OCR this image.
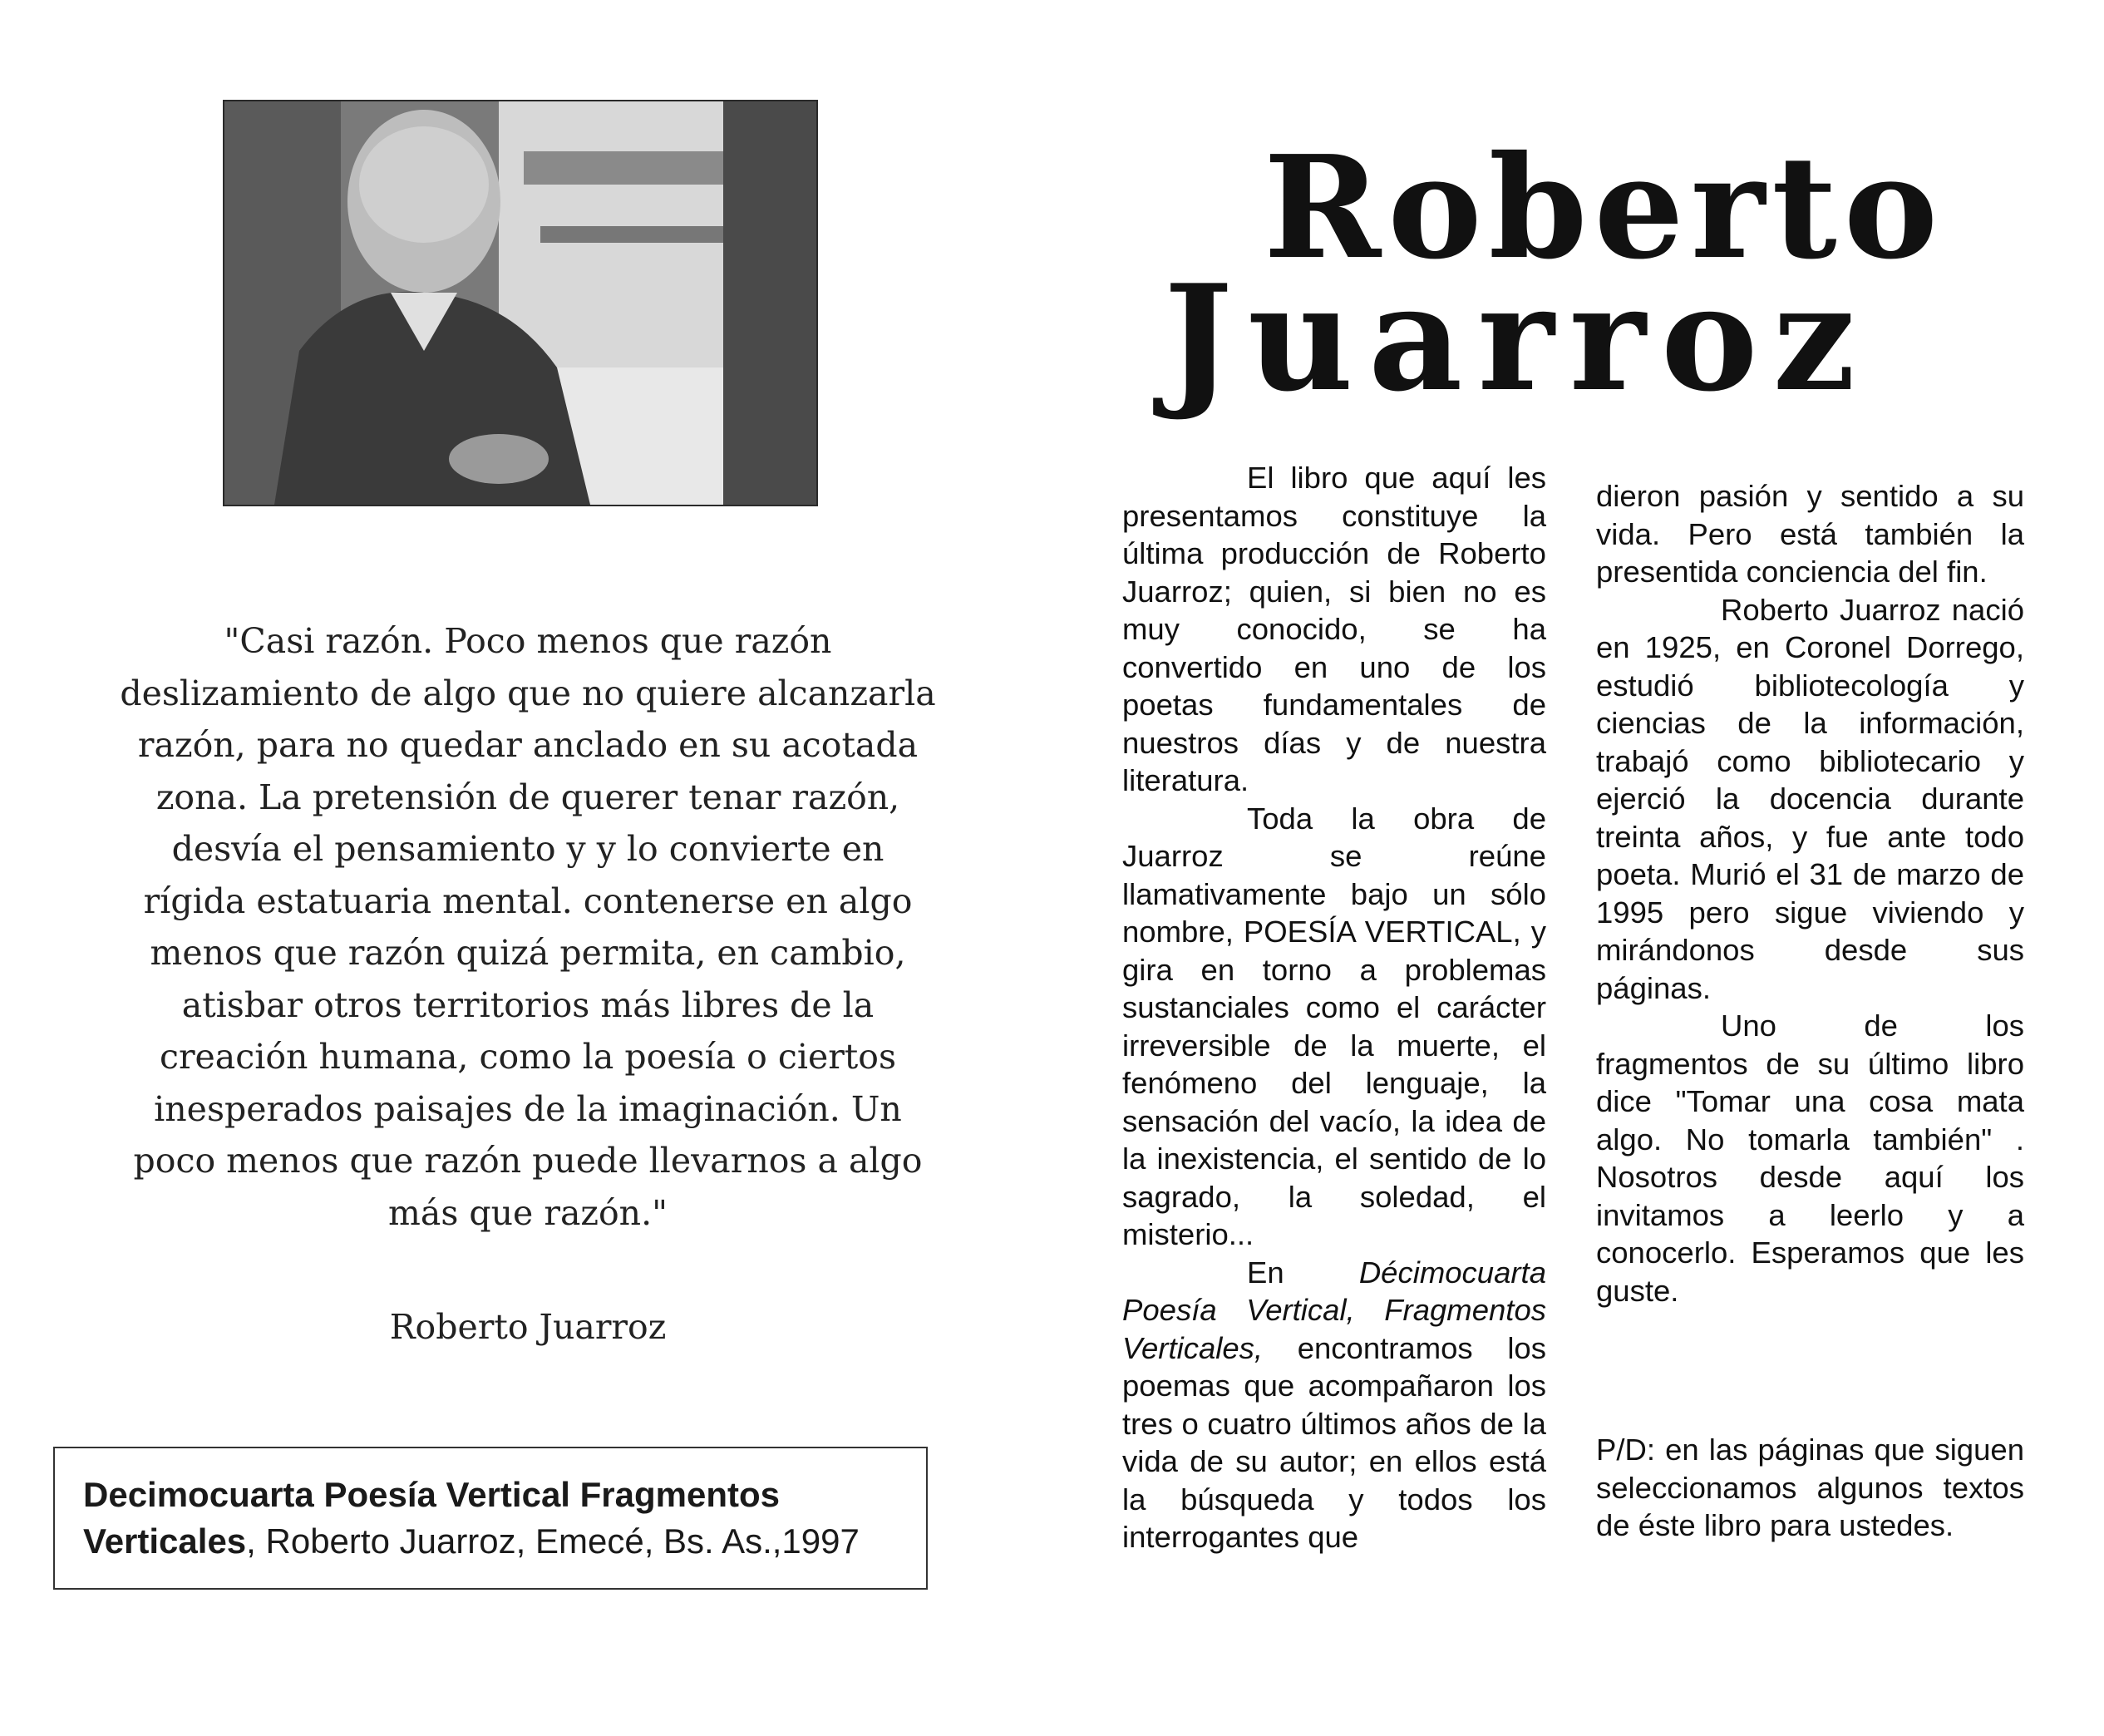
"Casi razón. Poco menos que razón deslizamiento de algo que no quiere alcanzarla razón, para no quedar anclado en su acotada zona. La pretensión de querer tenar razón, desvía el pensamiento y y lo convierte en rígida estatuaria mental. contenerse en algo menos que razón quizá permita, en cambio, atisbar otros territorios más libres de la creación humana, como la poesía o ciertos inesperados paisajes de la imaginación. Un poco menos que razón puede llevarnos a algo más que razón."
Roberto Juarroz
Decimocuarta Poesía Vertical Fragmentos Verticales, Roberto Juarroz, Emecé, Bs. As.,1997
Roberto
Juarroz

El libro que aquí les presentamos constituye la última producción de Roberto Juarroz; quien, si bien no es muy conocido, se ha convertido en uno de los poetas fundamentales de nuestros días y de nuestra literatura.

Toda la obra de Juarroz se reúne llamativamente bajo un sólo nombre, POESÍA VERTICAL, y gira en torno a problemas sustanciales como el carácter irreversible de la muerte, el fenómeno del lenguaje, la sensación del vacío, la idea de la inexistencia, el sentido de lo sagrado, la soledad, el misterio...

En Décimocuarta Poesía Vertical, Fragmentos Verticales, encontramos los poemas que acompañaron los tres o cuatro últimos años de la vida de su autor; en ellos está la búsqueda y todos los interrogantes que

dieron pasión y sentido a su vida. Pero está también la presentida conciencia del fin.

Roberto Juarroz nació en 1925, en Coronel Dorrego, estudió bibliotecología y ciencias de la información, trabajó como bibliotecario y ejerció la docencia durante treinta años, y fue ante todo poeta. Murió el 31 de marzo de 1995 pero sigue viviendo y mirándonos desde sus páginas.

Uno de los fragmentos de su último libro dice "Tomar una cosa mata algo. No tomarla también" . Nosotros desde aquí los invitamos a leerlo y a conocerlo. Esperamos que les guste.

P/D: en las páginas que siguen seleccionamos algunos textos de éste libro para ustedes.
